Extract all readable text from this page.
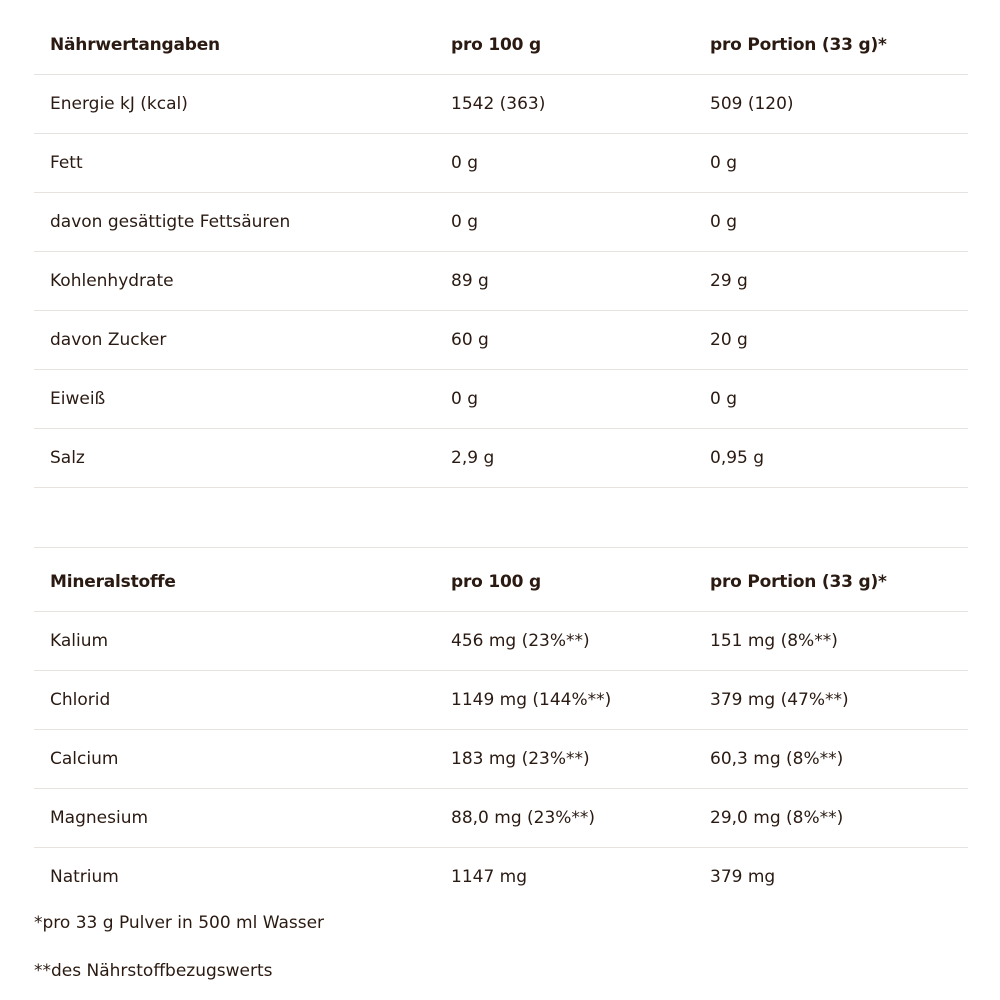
Nährwertangaben	pro 100 g	pro Portion (33 g)*
Energie kJ (kcal)	1542 (363)	509 (120)
Fett	0 g	0 g
davon gesättigte Fettsäuren	0 g	0 g
Kohlenhydrate	89 g	29 g
davon Zucker	60 g	20 g
Eiweiß	0 g	0 g
Salz	2,9 g	0,95 g
Mineralstoffe	pro 100 g	pro Portion (33 g)*
Kalium	456 mg (23%**)	151 mg (8%**)
Chlorid	1149 mg (144%**)	379 mg (47%**)
Calcium	183 mg (23%**)	60,3 mg (8%**)
Magnesium	88,0 mg (23%**)	29,0 mg (8%**)
Natrium	1147 mg	379 mg
*pro 33 g Pulver in 500 ml Wasser
**des Nährstoffbezugswerts
